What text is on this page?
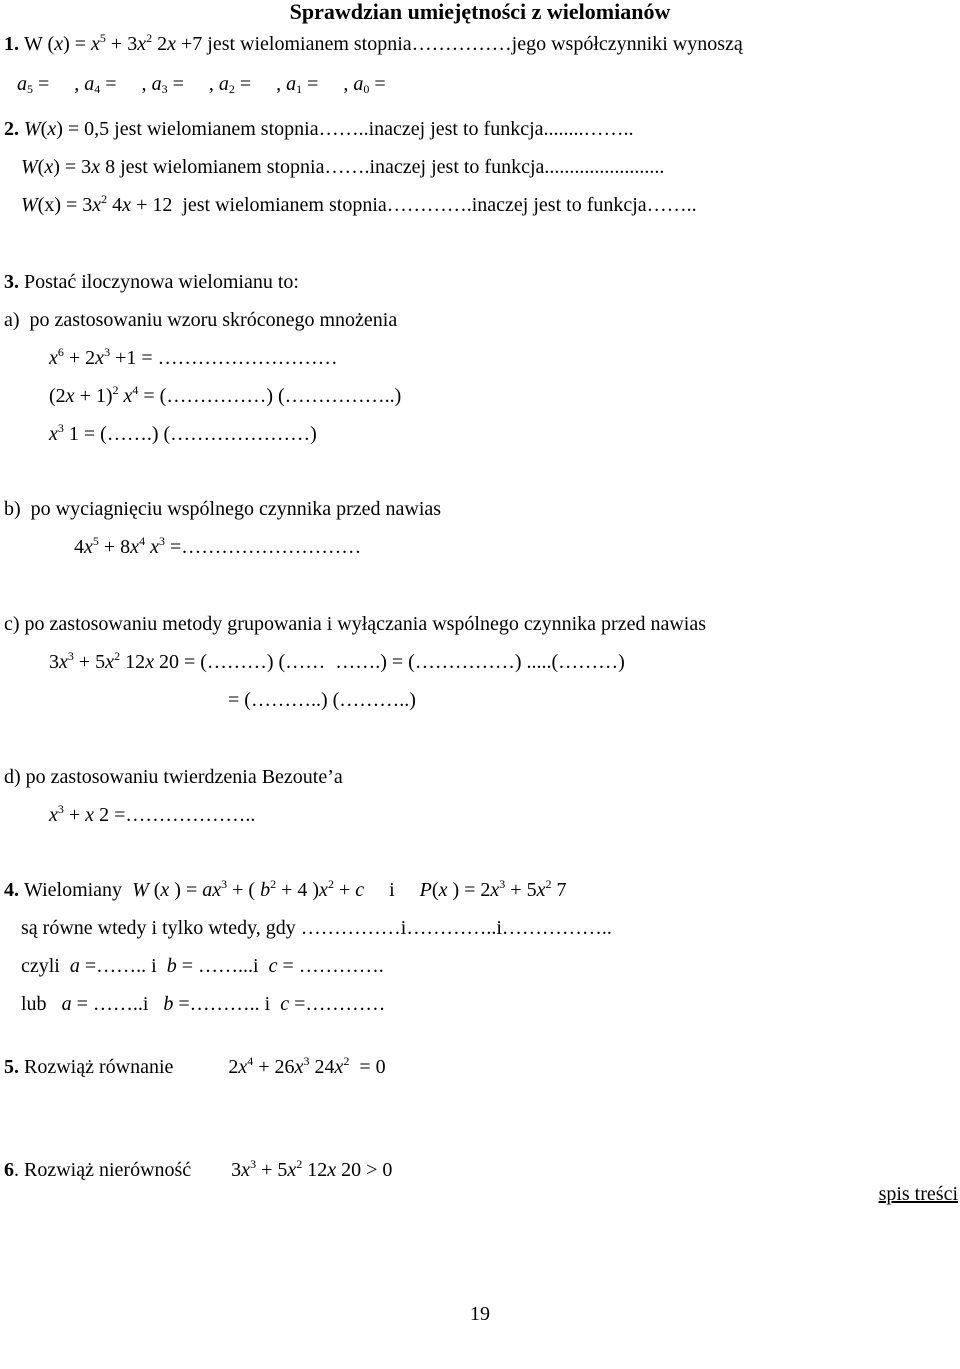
Sprawdzian umiejętności z wielomianów
1. W $(x) = x^5 + 3x^2$ 2x +7 jest wielomianem stopnia……………jego współczynniki wynoszą
$a_5$ =     , $a_4$ =     , $a_3$ =     , $a_2$ =     , $a_1$ =     , $a_0$ =
2. W(x) = 0,5 jest wielomianem stopnia……..inaczej jest to funkcja........……..
W(x) = 3x 8 jest wielomianem stopnia…….inaczej jest to funkcja........................
$W(x) = 3x^2$ 4x + 12  jest wielomianem stopnia………….inaczej jest to funkcja……..
3. Postać iloczynowa wielomianu to:
a)  po zastosowaniu wzoru skróconego mnożenia
$x^6 + 2x^3 +1$ = ………………………
$(2x + 1)^2$ $x^4$ = (……………) (……………..)
$x^3$ 1 = (…….) (…………………)
b)  po wyciagnięciu wspólnego czynnika przed nawias
$4x^5 + 8x^4$ $x^3$ =………………………
c) po zastosowaniu metody grupowania i wyłączania wspólnego czynnika przed nawias
$3x^3 + 5x^2$ 12x 20 = (………) (……  …….) = (……………) .....(………)
= (………..) (………..)
d) po zastosowaniu twierdzenia Bezoute’a
$x^3 + x$ 2 =………………..
4. Wielomiany  W (x ) = $ax^3$ + ( $b^2 + 4$ )$x^2 + c$     i     P(x ) = $2x^3 + 5x^2$ 7
są równe wtedy i tylko wtedy, gdy ……………i…………..i……………..
czyli  a =…….. i  b = ……...i  c = ………….
lub   a = ……..i   b =……….. i  c =…………
5. Rozwiąż równanie           $2x^4 + 26x^3$ $24x^2 = 0$
6. Rozwiąż nierówność        $3x^3 + 5x^2$ 12x 20 > 0
spis treści
19
